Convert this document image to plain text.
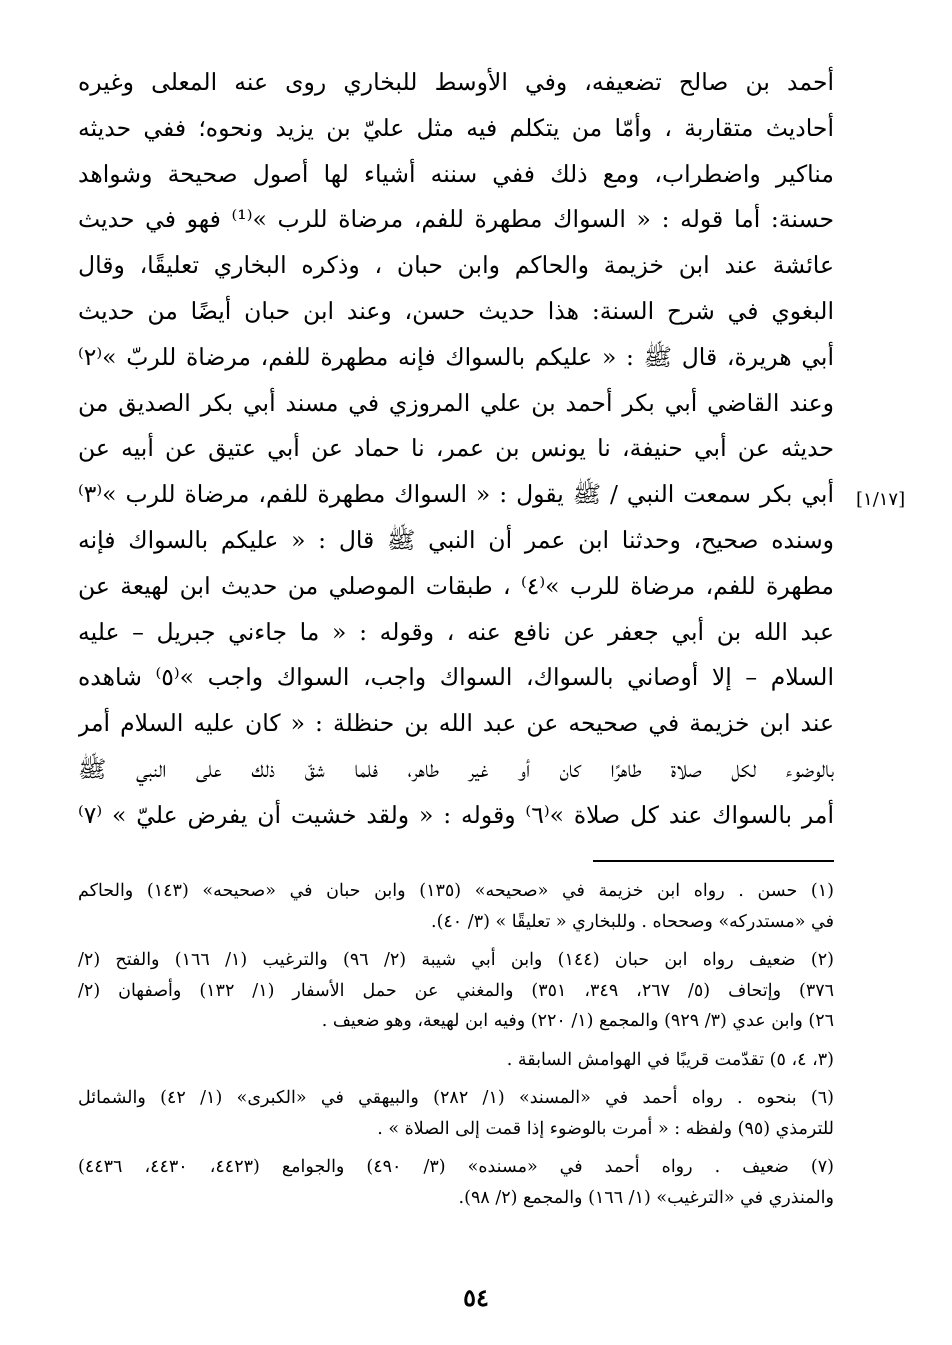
أحمد بن صالح تضعيفه، وفي الأوسط للبخاري روى عنه المعلى وغيره
أحاديث متقاربة ، وأمّا من يتكلم فيه مثل عليّ بن يزيد ونحوه؛ ففي حديثه
مناكير واضطراب، ومع ذلك ففي سننه أشياء لها أصول صحيحة وشواهد
حسنة: أما قوله : « السواك مطهرة للفم، مرضاة للرب »⁽¹⁾ فهو في حديث
عائشة عند ابن خزيمة والحاكم وابن حبان ، وذكره البخاري تعليقًا، وقال
البغوي في شرح السنة: هذا حديث حسن، وعند ابن حبان أيضًا من حديث
أبي هريرة، قال ﷺ : « عليكم بالسواك فإنه مطهرة للفم، مرضاة للربّ »⁽٢⁾
وعند القاضي أبي بكر أحمد بن علي المروزي في مسند أبي بكر الصديق من
حديثه عن أبي حنيفة، نا يونس بن عمر، نا حماد عن أبي عتيق عن أبيه عن
أبي بكر سمعت النبي / ﷺ يقول : « السواك مطهرة للفم، مرضاة للرب »⁽٣⁾
وسنده صحيح، وحدثنا ابن عمر أن النبي ﷺ قال : « عليكم بالسواك فإنه
مطهرة للفم، مرضاة للرب »⁽٤⁾ ، طبقات الموصلي من حديث ابن لهيعة عن
عبد الله بن أبي جعفر عن نافع عنه ، وقوله : « ما جاءني جبريل – عليه
السلام – إلا أوصاني بالسواك، السواك واجب، السواك واجب »⁽٥⁾ شاهده
عند ابن خزيمة في صحيحه عن عبد الله بن حنظلة : « كان عليه السلام أمر
بالوضوء لكل صلاة طاهرًا كان أو غير طاهر، فلما شقّ ذلك على النبي ﷺ
أمر بالسواك عند كل صلاة »⁽٦⁾ وقوله : « ولقد خشيت أن يفرض عليّ » ⁽٧⁾
[١/١٧]
(١) حسن . رواه ابن خزيمة في «صحيحه» (١٣٥) وابن حبان في «صحيحه» (١٤٣) والحاكم
في «مستدركه» وصححاه . وللبخاري « تعليقًا » (٣/ ٤٠).
(٢) ضعيف رواه ابن حبان (١٤٤) وابن أبي شيبة (٢/ ٩٦) والترغيب (١/ ١٦٦) والفتح (٢/
٣٧٦) وإتحاف (٥/ ٢٦٧، ٣٤٩، ٣٥١) والمغني عن حمل الأسفار (١/ ١٣٢) وأصفهان (٢/
٢٦) وابن عدي (٣/ ٩٢٩) والمجمع (١/ ٢٢٠) وفيه ابن لهيعة، وهو ضعيف .
(٣، ٤، ٥) تقدّمت قريبًا في الهوامش السابقة .
(٦) بنحوه . رواه أحمد في «المسند» (١/ ٢٨٢) والبيهقي في «الكبرى» (١/ ٤٢) والشمائل
للترمذي (٩٥) ولفظه : « أمرت بالوضوء إذا قمت إلى الصلاة » .
(٧) ضعيف . رواه أحمد في «مسنده» (٣/ ٤٩٠) والجوامع (٤٤٢٣، ٤٤٣٠، ٤٤٣٦)
والمنذري في «الترغيب» (١/ ١٦٦) والمجمع (٢/ ٩٨).
٥٤
